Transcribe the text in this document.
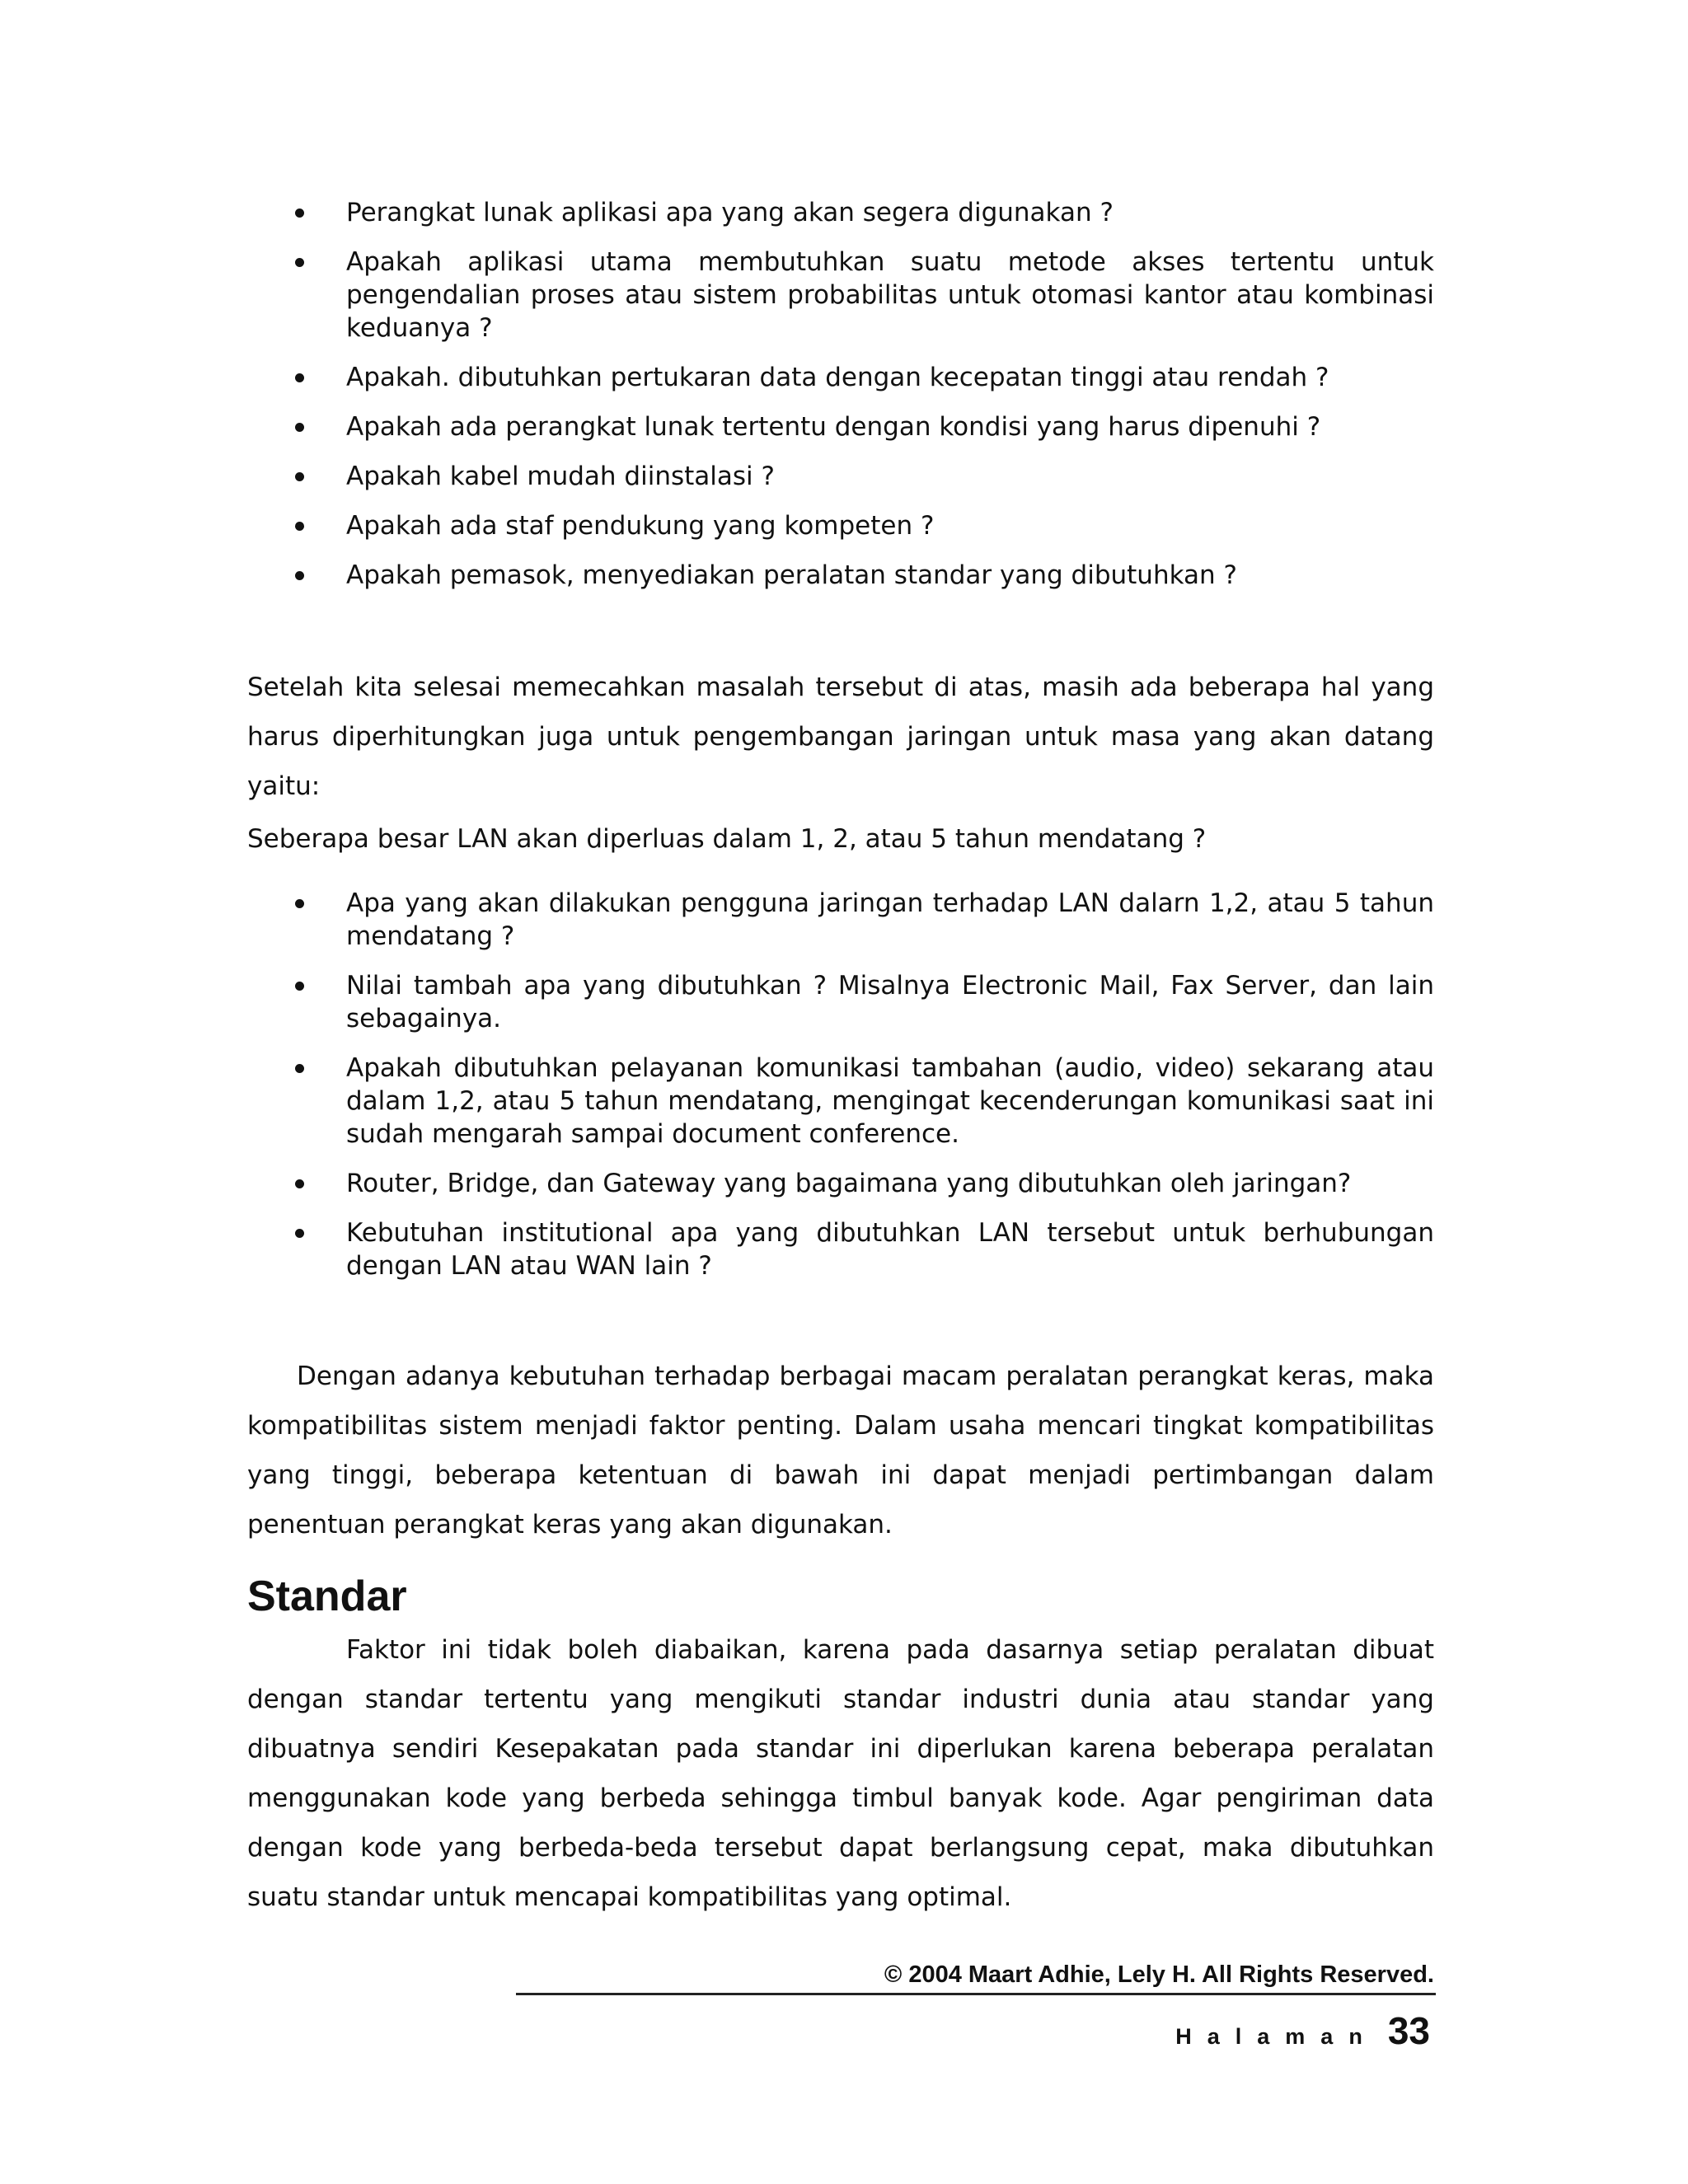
Perangkat lunak aplikasi apa yang akan segera digunakan ?
Apakah aplikasi utama membutuhkan suatu metode akses tertentu untuk pengendalian proses atau sistem probabilitas untuk otomasi kantor atau kombinasi keduanya ?
Apakah. dibutuhkan pertukaran data dengan kecepatan tinggi atau rendah ?
Apakah ada perangkat lunak tertentu dengan kondisi yang harus dipenuhi ?
Apakah kabel mudah diinstalasi ?
Apakah ada staf pendukung yang kompeten ?
Apakah pemasok, menyediakan peralatan standar yang dibutuhkan ?

Setelah kita selesai memecahkan masalah tersebut di atas, masih ada beberapa hal yang harus diperhitungkan juga untuk pengembangan jaringan untuk masa yang akan datang yaitu:

Seberapa besar LAN akan diperluas dalam 1, 2, atau 5 tahun mendatang ?

Apa yang akan dilakukan pengguna jaringan terhadap LAN dalarn 1,2, atau 5 tahun mendatang ?
Nilai tambah apa yang dibutuhkan ? Misalnya Electronic Mail, Fax Server, dan lain sebagainya.
Apakah dibutuhkan pelayanan komunikasi tambahan (audio, video) sekarang atau dalam 1,2, atau 5 tahun mendatang, mengingat kecenderungan komunikasi saat ini sudah mengarah sampai document conference.
Router, Bridge, dan Gateway yang bagaimana yang dibutuhkan oleh jaringan?
Kebutuhan institutional apa yang dibutuhkan LAN tersebut untuk berhubungan dengan LAN atau WAN lain ?

Dengan adanya kebutuhan terhadap berbagai macam peralatan perangkat keras, maka kompatibilitas sistem menjadi faktor penting. Dalam usaha mencari tingkat kompatibilitas yang tinggi, beberapa ketentuan di bawah ini dapat menjadi pertimbangan dalam penentuan perangkat keras yang akan digunakan.

Standar

Faktor ini tidak boleh diabaikan, karena pada dasarnya setiap peralatan dibuat dengan standar tertentu yang mengikuti standar industri dunia atau standar yang dibuatnya sendiri Kesepakatan pada standar ini diperlukan karena beberapa peralatan menggunakan kode yang berbeda sehingga timbul banyak kode. Agar pengiriman data dengan kode yang berbeda-beda tersebut dapat berlangsung cepat, maka dibutuhkan suatu standar untuk mencapai kompatibilitas yang optimal.

© 2004 Maart Adhie, Lely H. All Rights Reserved.
Halaman 33
